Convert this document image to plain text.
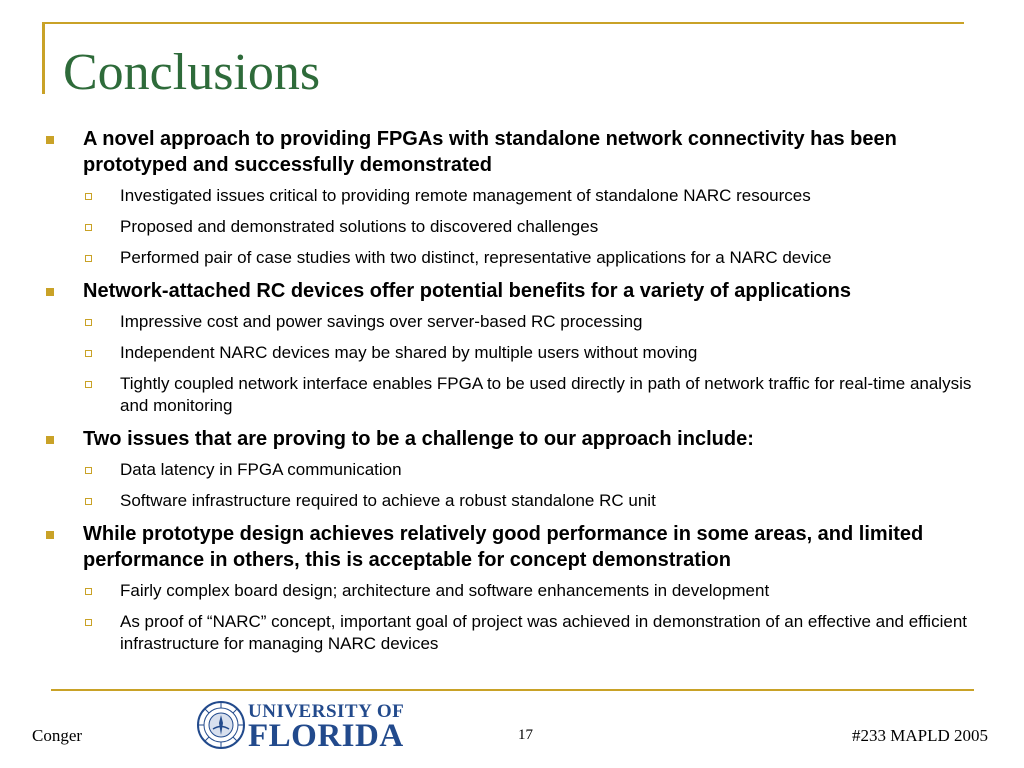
Conclusions
A novel approach to providing FPGAs with standalone network connectivity has been prototyped and successfully demonstrated
Investigated issues critical to providing remote management of standalone NARC resources
Proposed and demonstrated solutions to discovered challenges
Performed pair of case studies with two distinct, representative applications for a NARC device
Network-attached RC devices offer potential benefits for a variety of applications
Impressive cost and power savings over server-based RC processing
Independent NARC devices may be shared by multiple users without moving
Tightly coupled network interface enables FPGA to be used directly in path of network traffic for real-time analysis and monitoring
Two issues that are proving to be a challenge to our approach include:
Data latency in FPGA communication
Software infrastructure required to achieve a robust standalone RC unit
While prototype design achieves relatively good performance in some areas, and limited performance in others, this is acceptable for concept demonstration
Fairly complex board design; architecture and software enhancements in development
As proof of “NARC” concept, important goal of project was achieved in demonstration of an effective and efficient infrastructure for managing NARC devices
Conger
UNIVERSITY OF
FLORIDA	17	#233 MAPLD 2005
